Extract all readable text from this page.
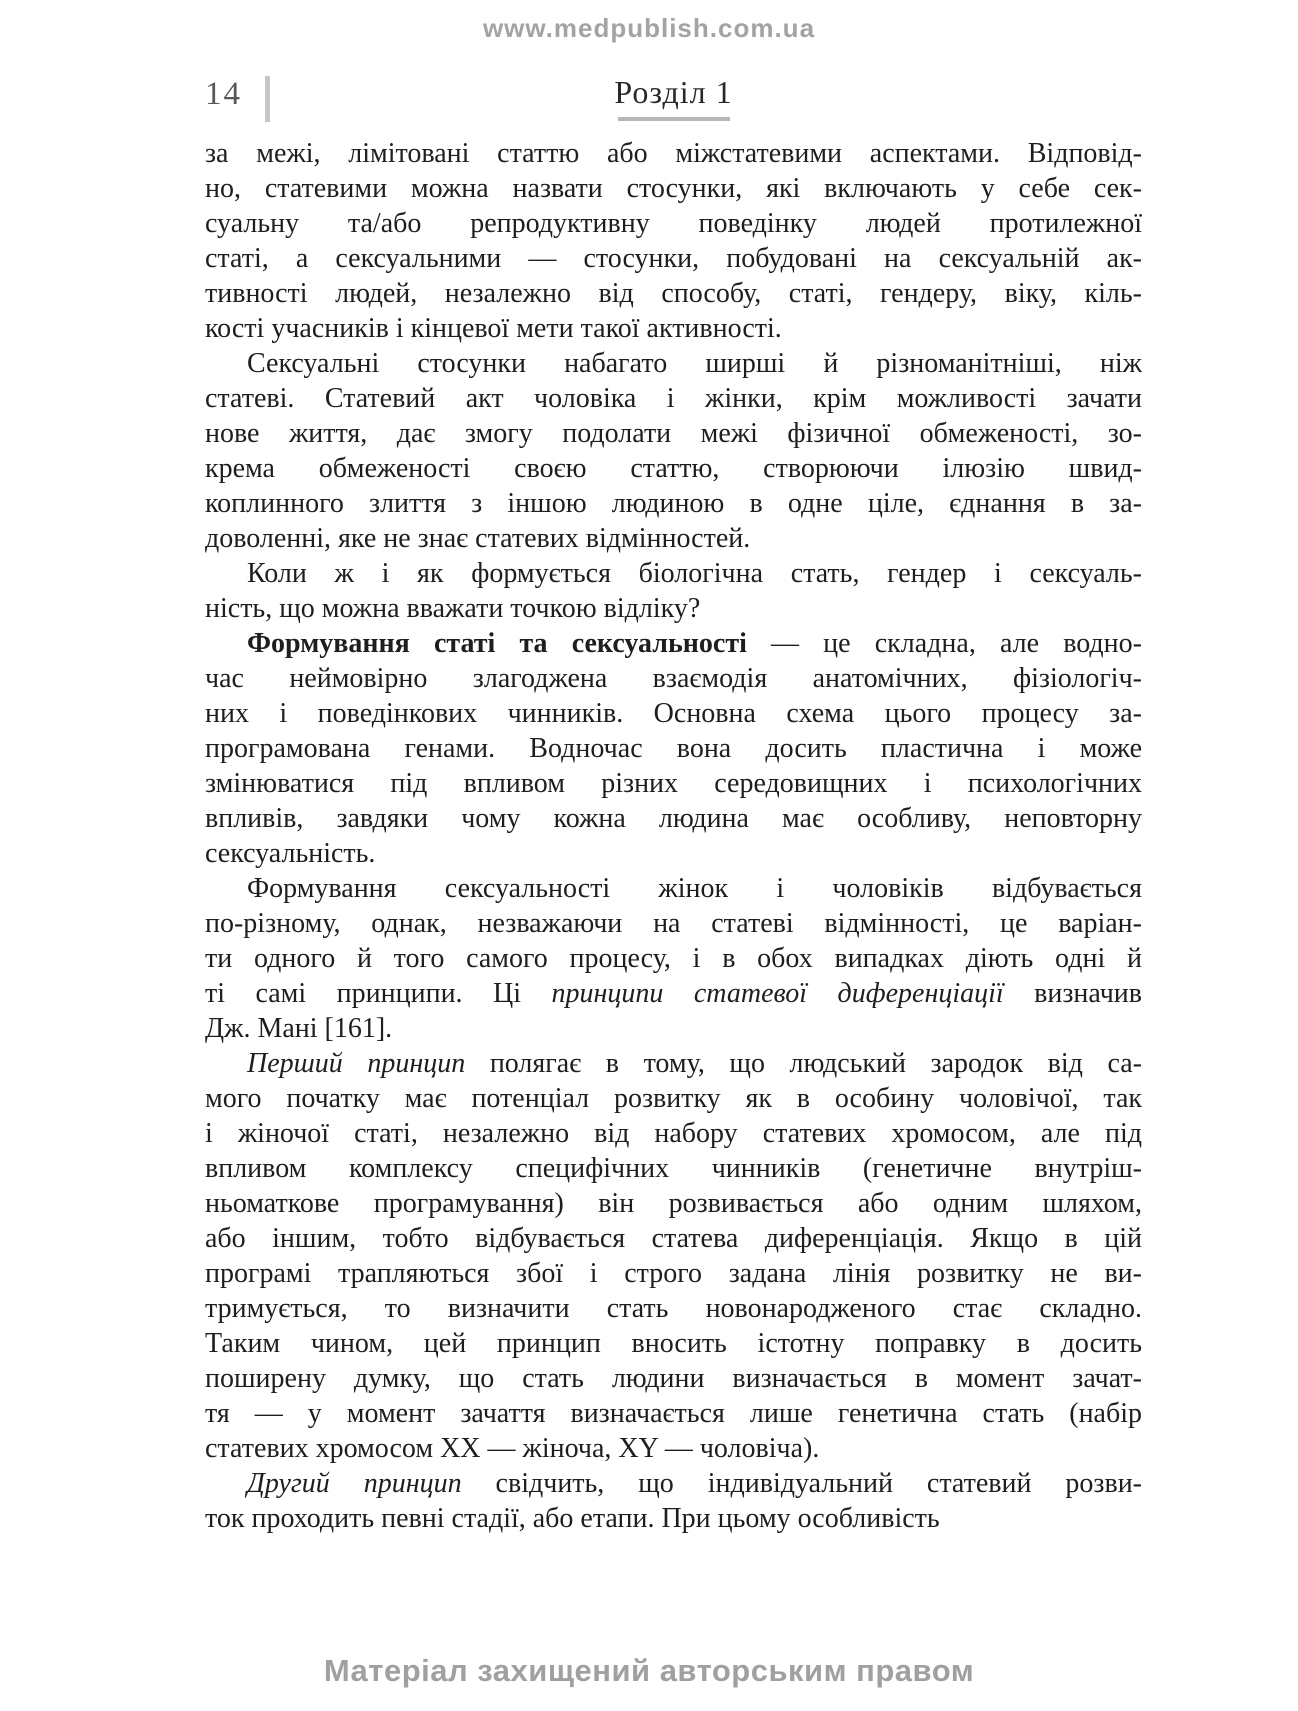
www.medpublish.com.ua
14	Розділ 1
за межі, лімітовані статтю або міжстатевими аспектами. Відповід-
но, статевими можна назвати стосунки, які включають у себе сек-
суальну та/або репродуктивну поведінку людей протилежної
статі, а сексуальними — стосунки, побудовані на сексуальній ак-
тивності людей, незалежно від способу, статі, гендеру, віку, кіль-
кості учасників і кінцевої мети такої активності.
Сексуальні стосунки набагато ширші й різноманітніші, ніж
статеві. Статевий акт чоловіка і жінки, крім можливості зачати
нове життя, дає змогу подолати межі фізичної обмеженості, зо-
крема обмеженості своєю статтю, створюючи ілюзію швид-
коплинного злиття з іншою людиною в одне ціле, єднання в за-
доволенні, яке не знає статевих відмінностей.
Коли ж і як формується біологічна стать, гендер і сексуаль-
ність, що можна вважати точкою відліку?
Формування статі та сексуальності — це складна, але водно-
час неймовірно злагоджена взаємодія анатомічних, фізіологіч-
них і поведінкових чинників. Основна схема цього процесу за-
програмована генами. Водночас вона досить пластична і може
змінюватися під впливом різних середовищних і психологічних
впливів, завдяки чому кожна людина має особливу, неповторну
сексуальність.
Формування сексуальності жінок і чоловіків відбувається
по-різному, однак, незважаючи на статеві відмінності, це варіан-
ти одного й того самого процесу, і в обох випадках діють одні й
ті самі принципи. Ці принципи статевої диференціації визначив
Дж. Мані [161].
Перший принцип полягає в тому, що людський зародок від са-
мого початку має потенціал розвитку як в особину чоловічої, так
і жіночої статі, незалежно від набору статевих хромосом, але під
впливом комплексу специфічних чинників (генетичне внутріш-
ньоматкове програмування) він розвивається або одним шляхом,
або іншим, тобто відбувається статева диференціація. Якщо в цій
програмі трапляються збої і строго задана лінія розвитку не ви-
тримується, то визначити стать новонародженого стає складно.
Таким чином, цей принцип вносить істотну поправку в досить
поширену думку, що стать людини визначається в момент зачат-
тя — у момент зачаття визначається лише генетична стать (набір
статевих хромосом XX — жіноча, XY — чоловіча).
Другий принцип свідчить, що індивідуальний статевий розви-
ток проходить певні стадії, або етапи. При цьому особливість
Матеріал захищений авторським правом
